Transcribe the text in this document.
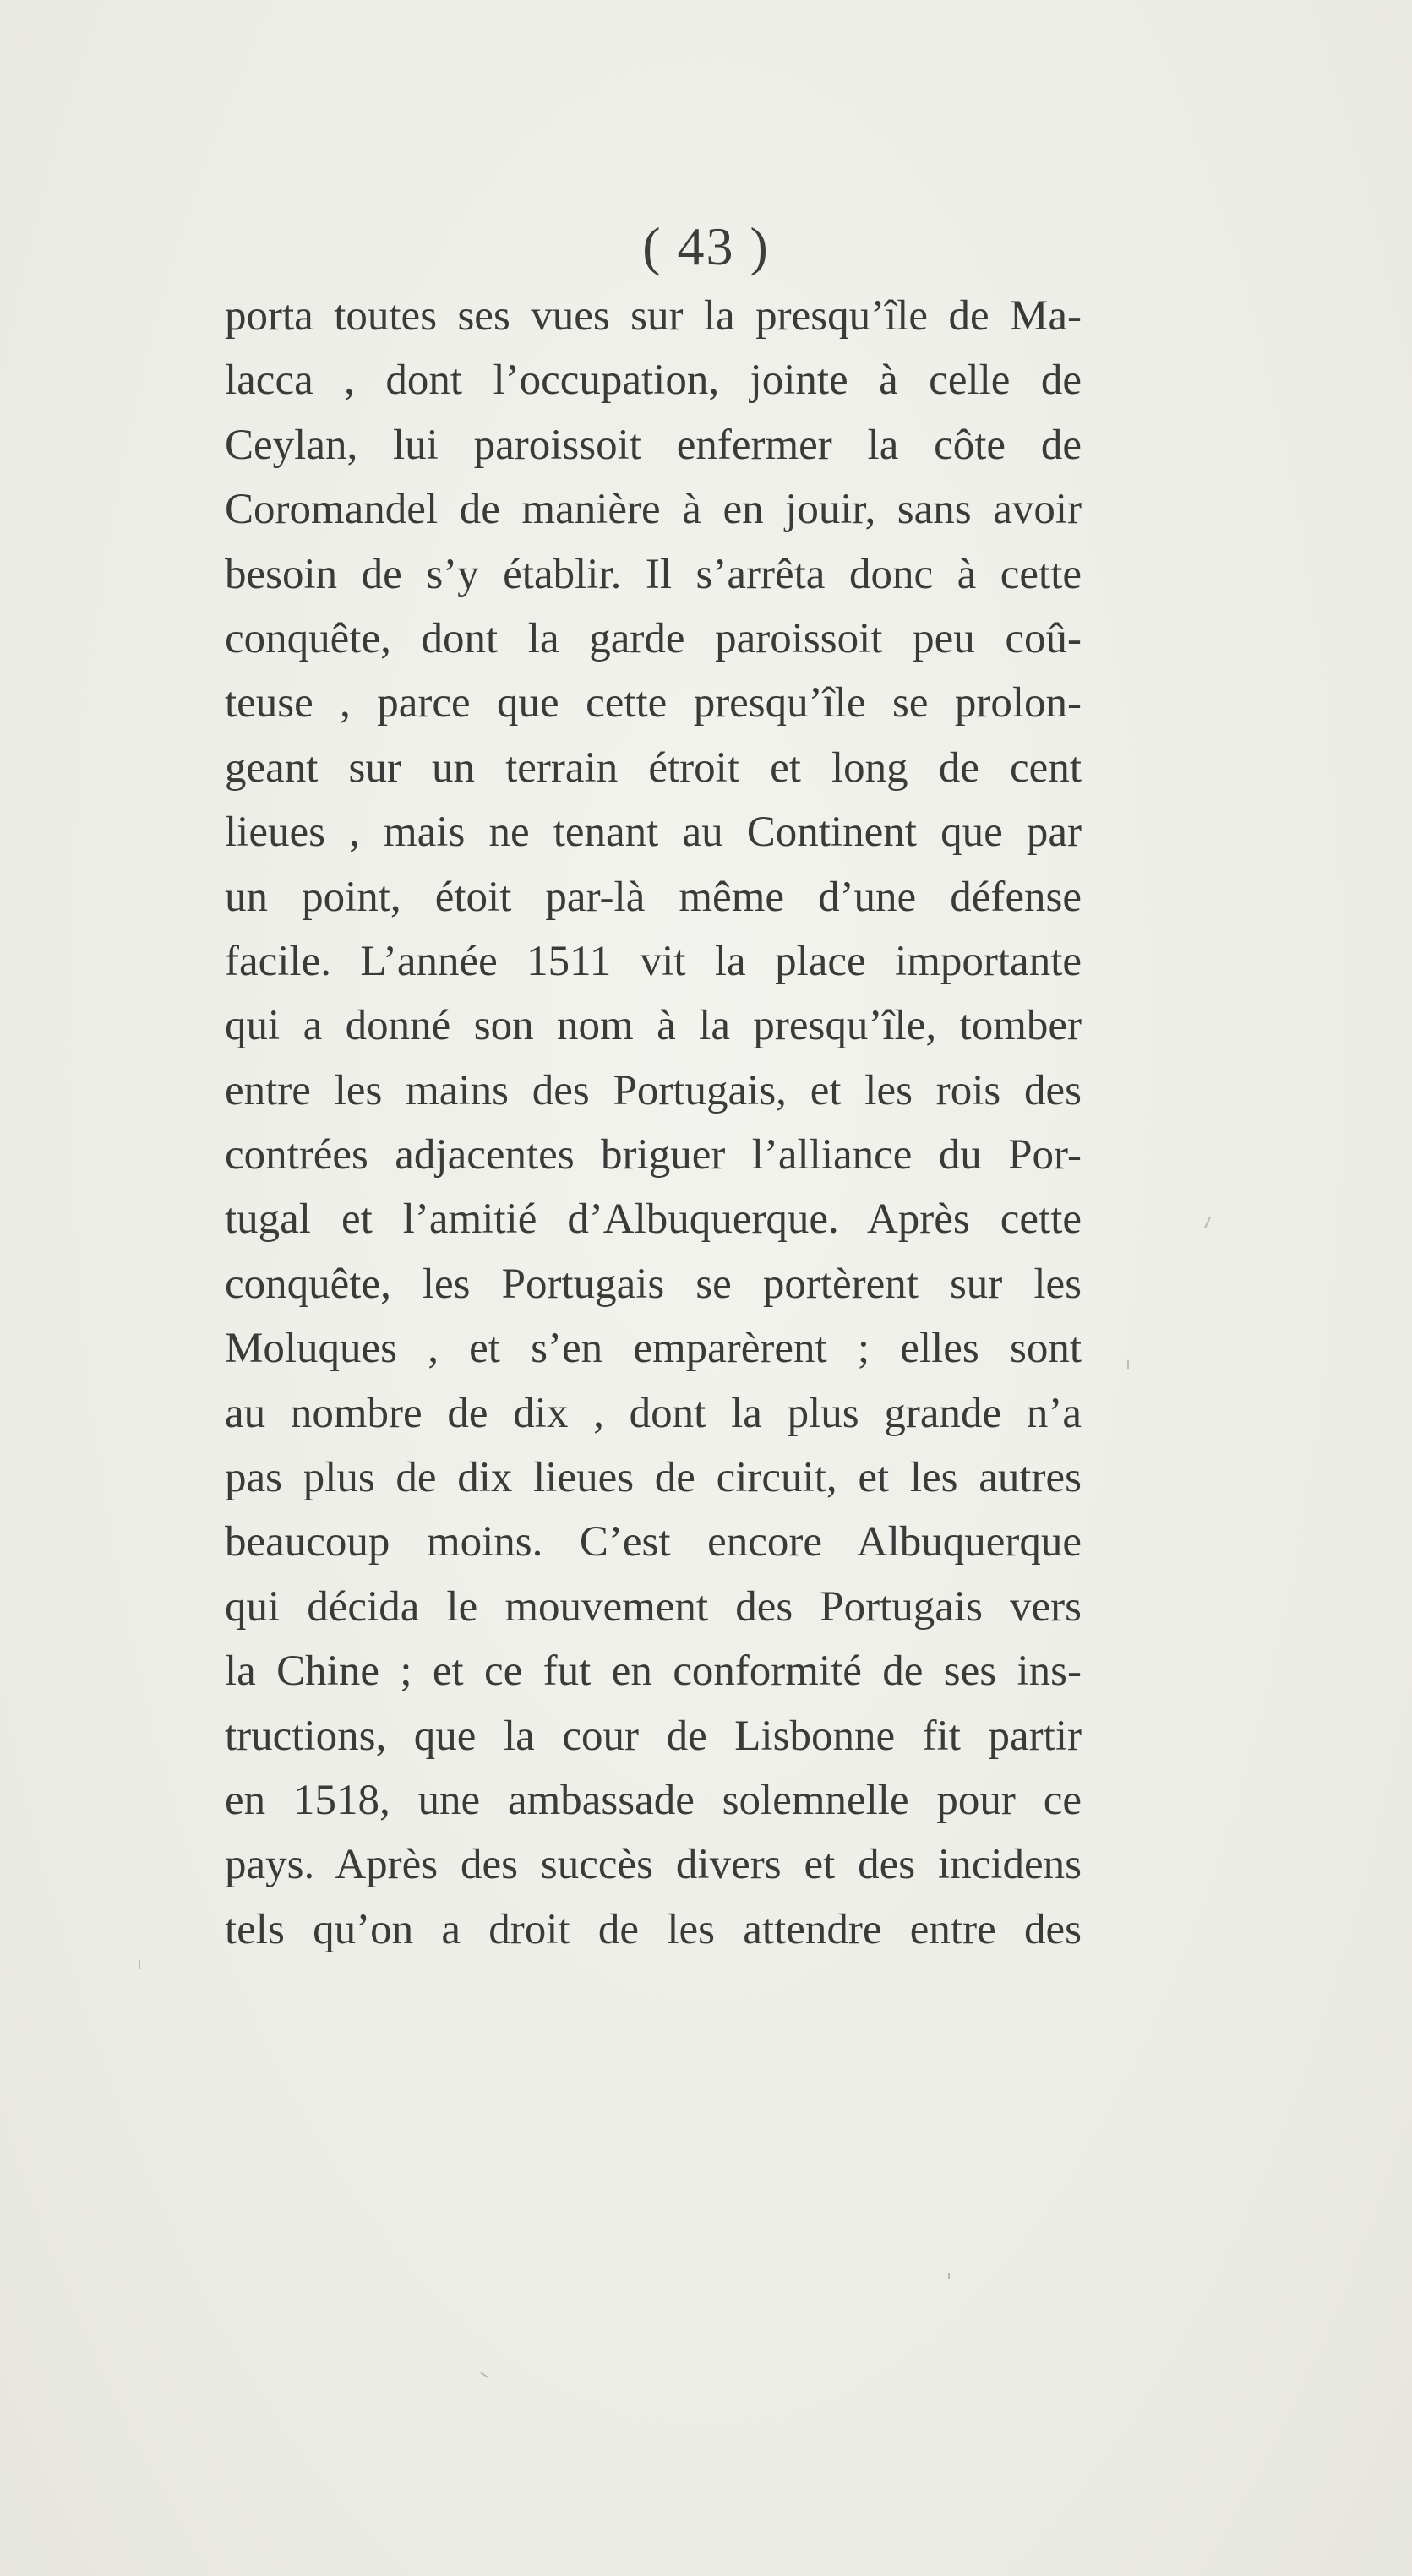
( 43 )
porta toutes ses vues sur la presqu’île de Ma-
lacca , dont l’occupation, jointe à celle de
Ceylan, lui paroissoit enfermer la côte de
Coromandel de manière à en jouir, sans avoir
besoin de s’y établir. Il s’arrêta donc à cette
conquête, dont la garde paroissoit peu coû-
teuse , parce que cette presqu’île se prolon-
geant sur un terrain étroit et long de cent
lieues , mais ne tenant au Continent que par
un point, étoit par-là même d’une défense
facile. L’année 1511 vit la place importante
qui a donné son nom à la presqu’île, tomber
entre les mains des Portugais, et les rois des
contrées adjacentes briguer l’alliance du Por-
tugal et l’amitié d’Albuquerque. Après cette
conquête, les Portugais se portèrent sur les
Moluques , et s’en emparèrent ; elles sont
au nombre de dix , dont la plus grande n’a
pas plus de dix lieues de circuit, et les autres
beaucoup moins. C’est encore Albuquerque
qui décida le mouvement des Portugais vers
la Chine ; et ce fut en conformité de ses ins-
tructions, que la cour de Lisbonne fit partir
en 1518, une ambassade solemnelle pour ce
pays. Après des succès divers et des incidens
tels qu’on a droit de les attendre entre des
